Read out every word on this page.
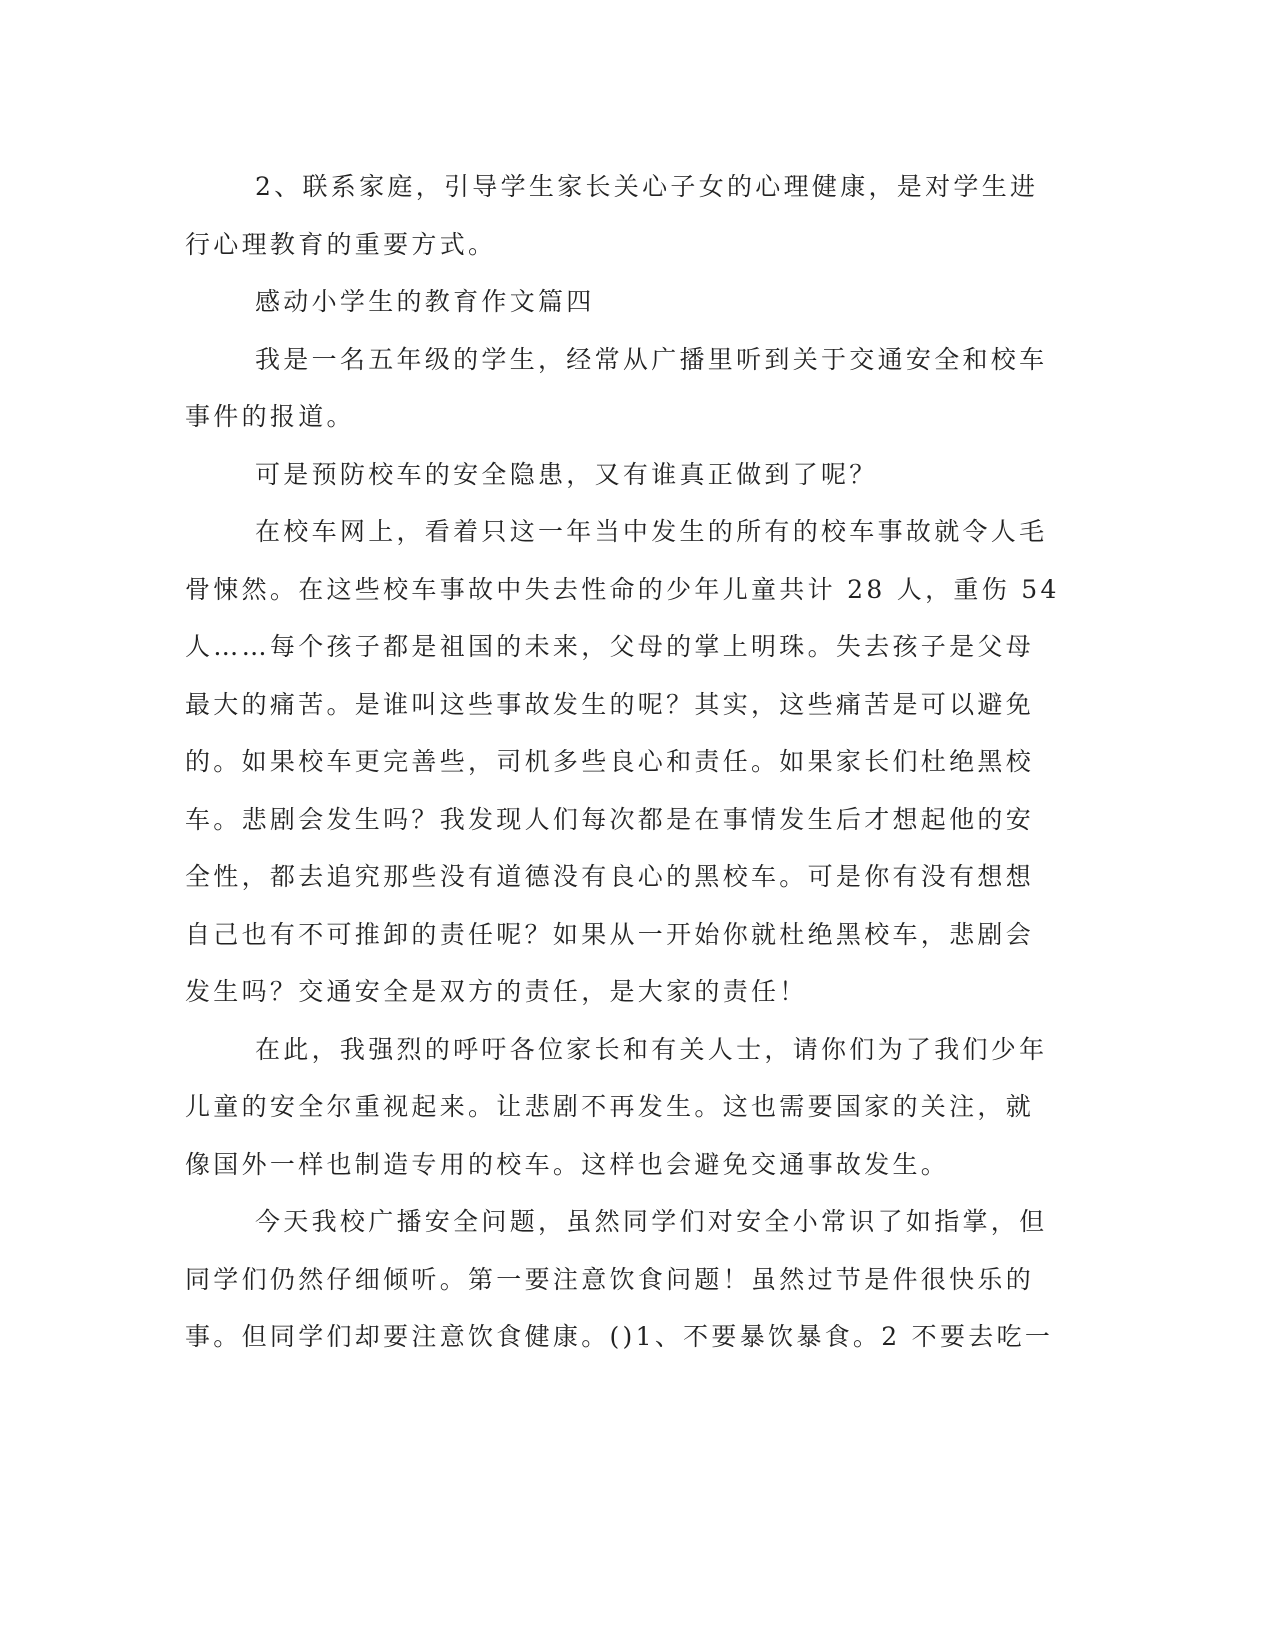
2、联系家庭，引导学生家长关心子女的心理健康，是对学生进
行心理教育的重要方式。
感动小学生的教育作文篇四
我是一名五年级的学生，经常从广播里听到关于交通安全和校车
事件的报道。
可是预防校车的安全隐患，又有谁真正做到了呢？
在校车网上，看着只这一年当中发生的所有的校车事故就令人毛
骨悚然。在这些校车事故中失去性命的少年儿童共计 28 人，重伤 54
人……每个孩子都是祖国的未来，父母的掌上明珠。失去孩子是父母
最大的痛苦。是谁叫这些事故发生的呢？其实，这些痛苦是可以避免
的。如果校车更完善些，司机多些良心和责任。如果家长们杜绝黑校
车。悲剧会发生吗？我发现人们每次都是在事情发生后才想起他的安
全性，都去追究那些没有道德没有良心的黑校车。可是你有没有想想
自己也有不可推卸的责任呢？如果从一开始你就杜绝黑校车，悲剧会
发生吗？交通安全是双方的责任，是大家的责任！
在此，我强烈的呼吁各位家长和有关人士，请你们为了我们少年
儿童的安全尔重视起来。让悲剧不再发生。这也需要国家的关注，就
像国外一样也制造专用的校车。这样也会避免交通事故发生。
今天我校广播安全问题，虽然同学们对安全小常识了如指掌，但
同学们仍然仔细倾听。第一要注意饮食问题！虽然过节是件很快乐的
事。但同学们却要注意饮食健康。()1、不要暴饮暴食。2 不要去吃一
